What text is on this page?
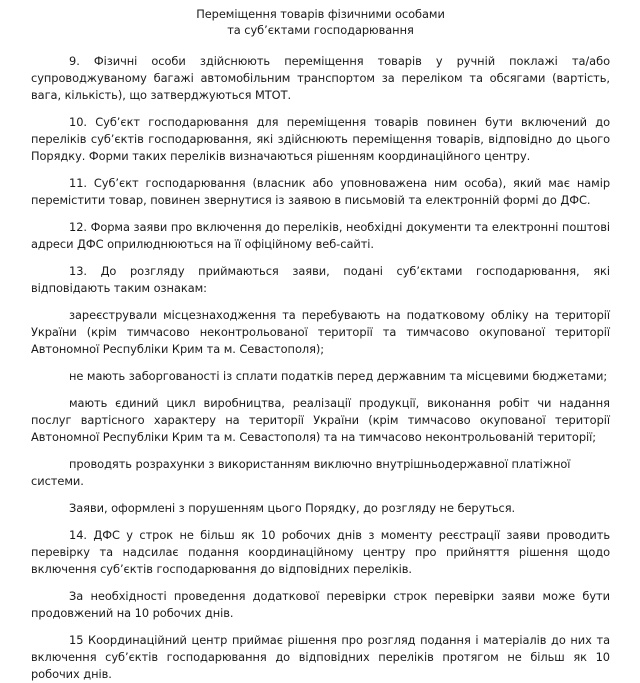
Переміщення товарів фізичними особами
та суб’єктами господарювання

9. Фізичні особи здійснюють переміщення товарів у ручній поклажі та/або супроводжуваному багажі автомобільним транспортом за переліком та обсягами (вартість, вага, кількість), що затверджуються МТОТ.

10. Суб’єкт господарювання для переміщення товарів повинен бути включений до переліків суб’єктів господарювання, які здійснюють переміщення товарів, відповідно до цього Порядку. Форми таких переліків визначаються рішенням координаційного центру.

11. Суб’єкт господарювання (власник або уповноважена ним особа), який має намір перемістити товар, повинен звернутися із заявою в письмовій та електронній формі до ДФС.

12. Форма заяви про включення до переліків, необхідні документи та електронні поштові адреси ДФС оприлюднюються на її офіційному веб-сайті.

13. До розгляду приймаються заяви, подані суб’єктами господарювання, які відповідають таким ознакам:

зареєстрували місцезнаходження та перебувають на податковому обліку на території України (крім тимчасово неконтрольованої території та тимчасово окупованої території Автономної Республіки Крим та м. Севастополя);

не мають заборгованості із сплати податків перед державним та місцевими бюджетами;

мають єдиний цикл виробництва, реалізації продукції, виконання робіт чи надання послуг вартісного характеру на території України (крім тимчасово окупованої території Автономної Республіки Крим та м. Севастополя) та на тимчасово неконтрольованій території;

проводять розрахунки з використанням виключно внутрішньодержавної платіжної системи.

Заяви, оформлені з порушенням цього Порядку, до розгляду не беруться.

14. ДФС у строк не більш як 10 робочих днів з моменту реєстрації заяви проводить перевірку та надсилає подання координаційному центру про прийняття рішення щодо включення суб’єктів господарювання до відповідних переліків.

За необхідності проведення додаткової перевірки строк перевірки заяви може бути продовжений на 10 робочих днів.

15 Координаційний центр приймає рішення про розгляд подання і матеріалів до них та включення суб’єктів господарювання до відповідних переліків протягом не більш як 10 робочих днів.
